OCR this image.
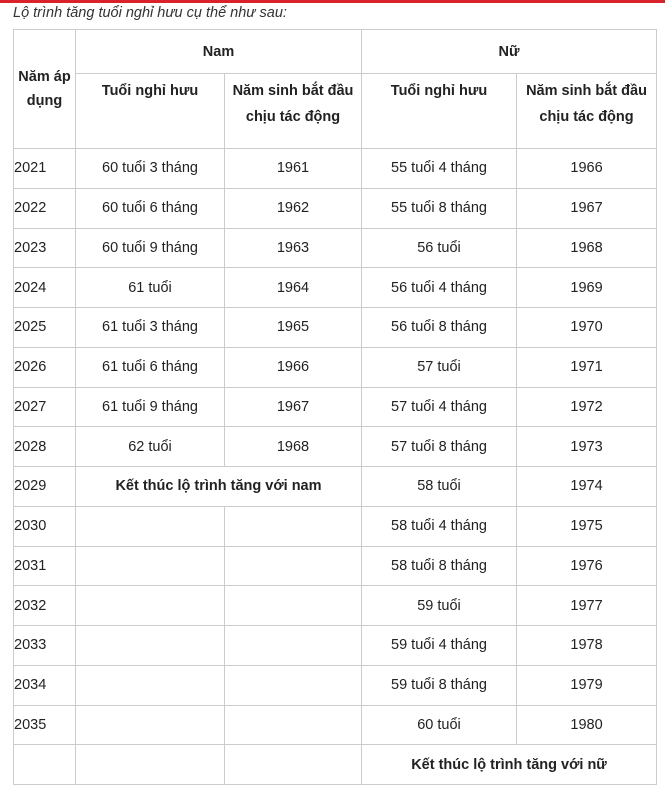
Lộ trình tăng tuổi nghỉ hưu cụ thể như sau:
Năm áp dụng	Nam		Nữ	
	Tuổi nghỉ hưu	Năm sinh bắt đầu chịu tác động	Tuổi nghỉ hưu	Năm sinh bắt đầu chịu tác động
2021	60 tuổi 3 tháng	1961	55 tuổi 4 tháng	1966
2022	60 tuổi 6 tháng	1962	55 tuổi 8 tháng	1967
2023	60 tuổi 9 tháng	1963	56 tuổi	1968
2024	61 tuổi	1964	56 tuổi 4 tháng	1969
2025	61 tuổi 3 tháng	1965	56 tuổi 8 tháng	1970
2026	61 tuổi 6 tháng	1966	57 tuổi	1971
2027	61 tuổi 9 tháng	1967	57 tuổi 4 tháng	1972
2028	62 tuổi	1968	57 tuổi 8 tháng	1973
2029	Kết thúc lộ trình tăng với nam		58 tuổi	1974
2030			58 tuổi 4 tháng	1975
2031			58 tuổi 8 tháng	1976
2032			59 tuổi	1977
2033			59 tuổi 4 tháng	1978
2034			59 tuổi 8 tháng	1979
2035			60 tuổi	1980
			Kết thúc lộ trình tăng với nữ	
